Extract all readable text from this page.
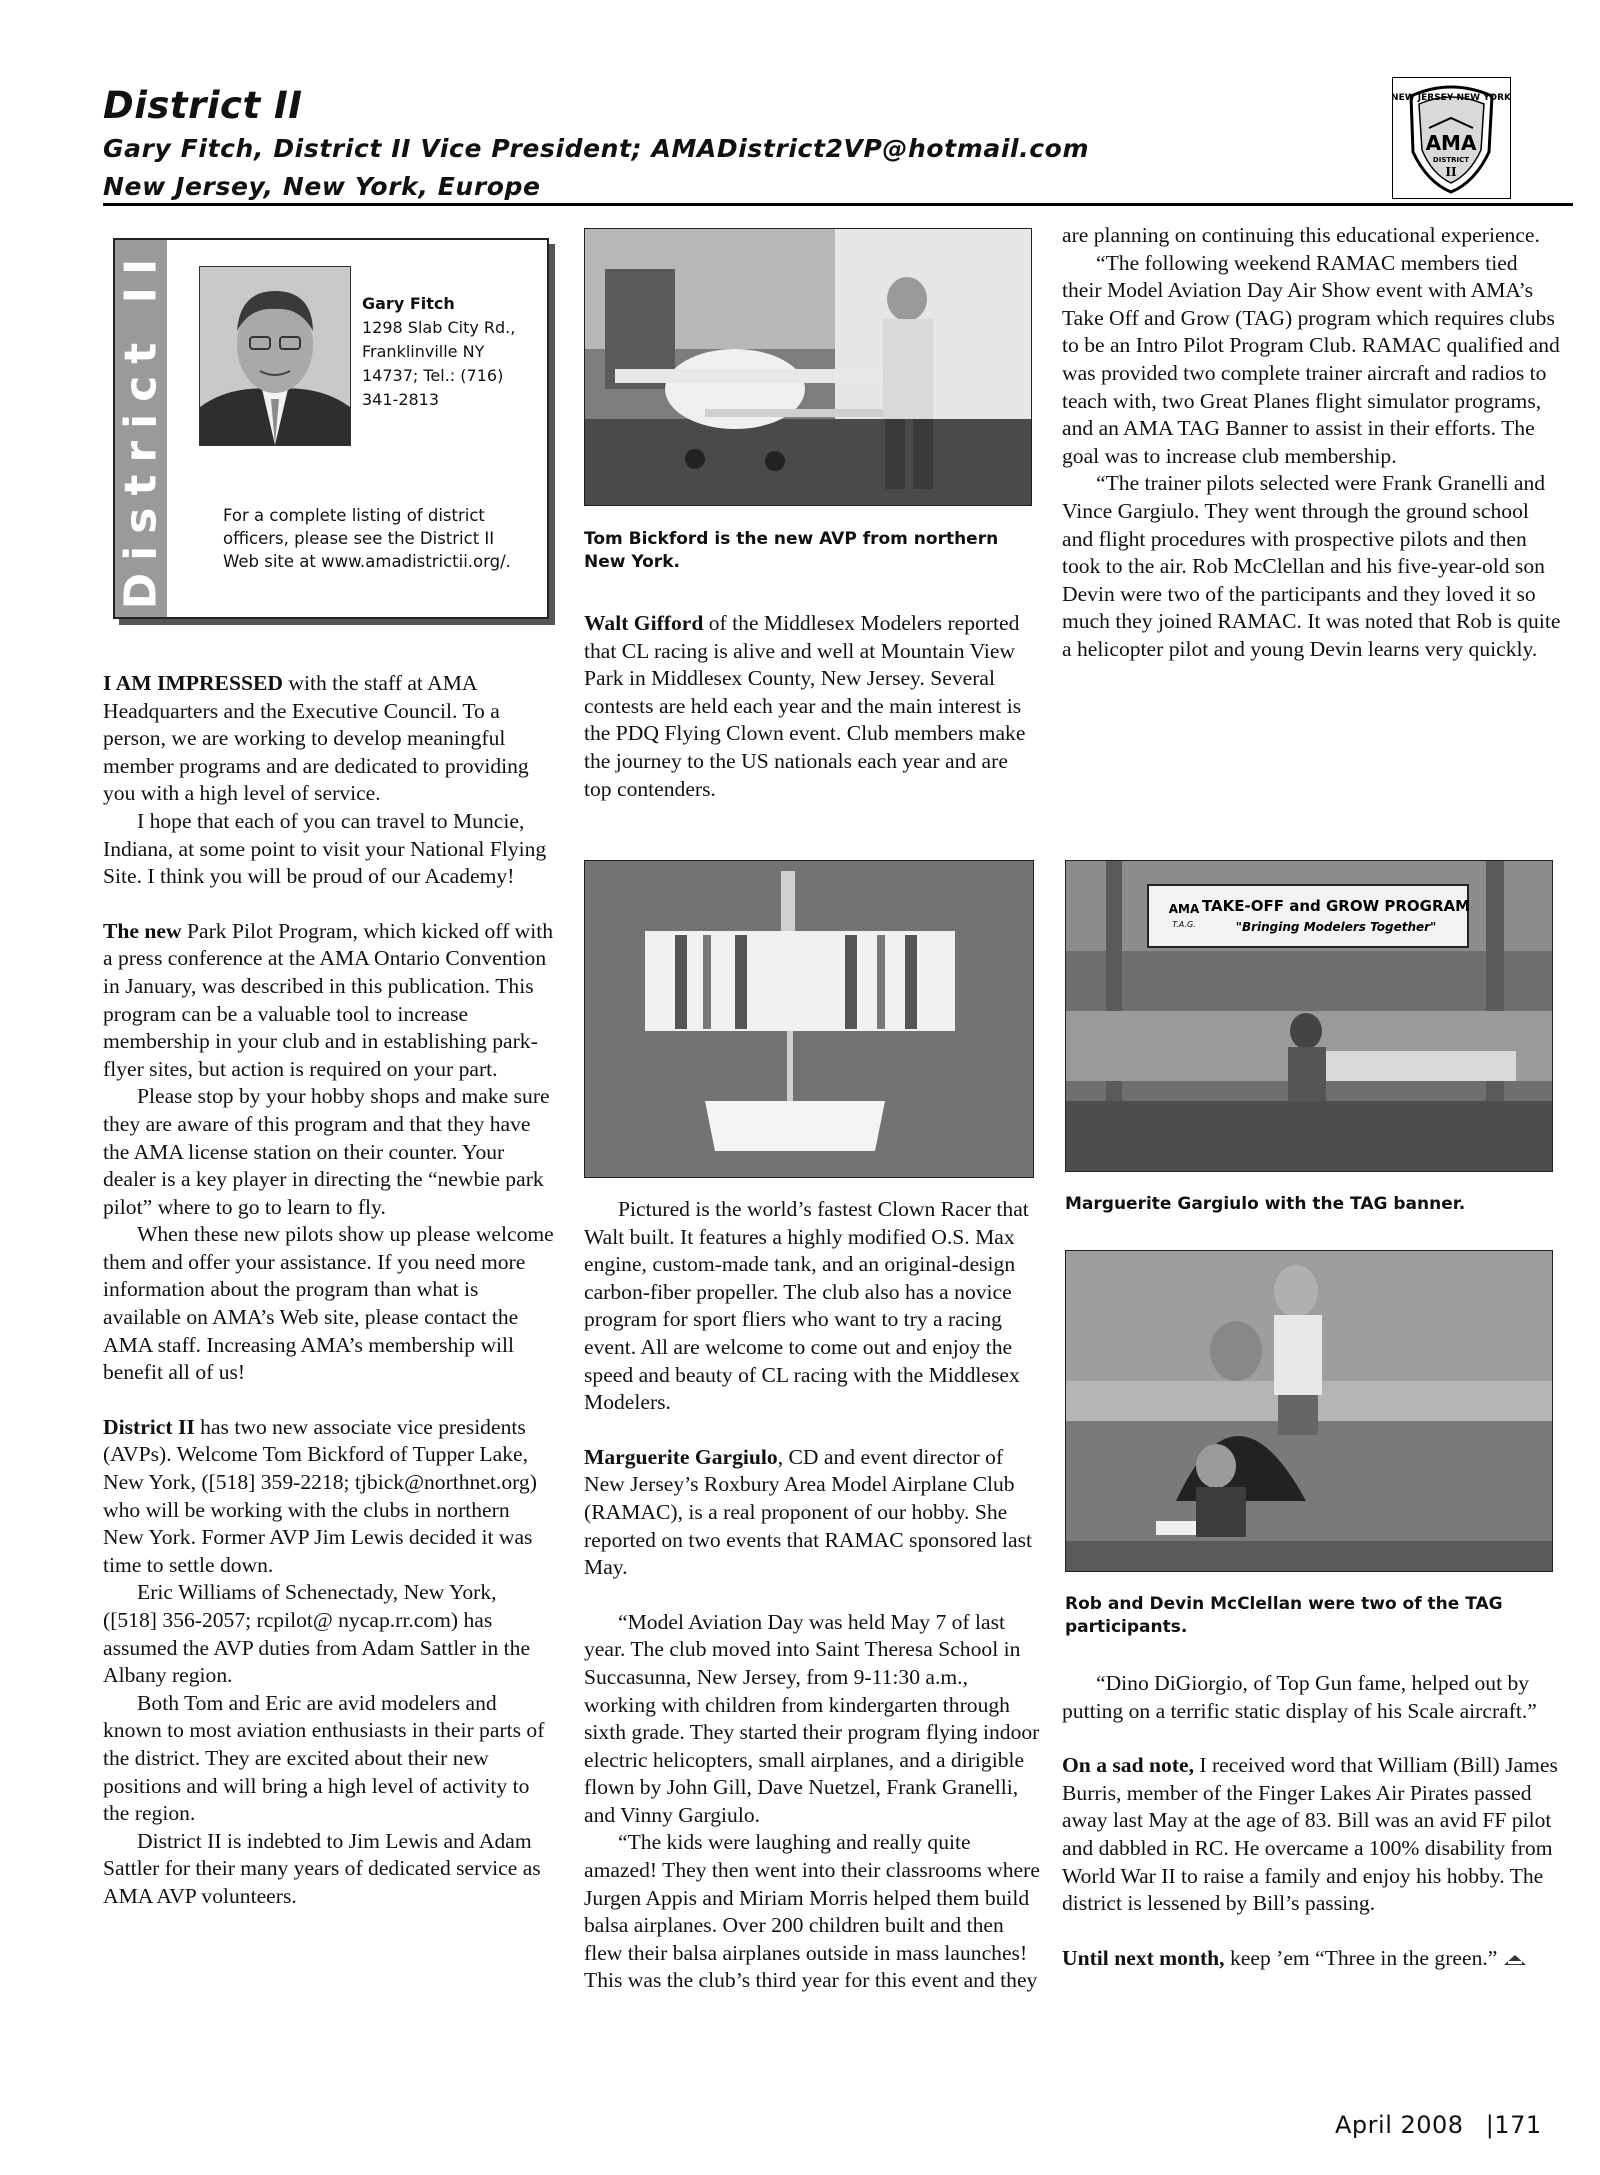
District II
Gary Fitch, District II Vice President; AMADistrict2VP@hotmail.com
New Jersey, New York, Europe
NEW JERSEY NEW YORK
AMA
DISTRICT
II
District II	Gary Fitch
1298 Slab City Rd.,
Franklinville NY
14737; Tel.: (716)
341-2813
For a complete listing of district officers, please see the District II Web site at www.amadistrictii.org/.

I AM IMPRESSED with the staff at AMA Headquarters and the Executive Council. To a person, we are working to develop meaningful member programs and are dedicated to providing you with a high level of service.

I hope that each of you can travel to Muncie, Indiana, at some point to visit your National Flying Site. I think you will be proud of our Academy!

The new Park Pilot Program, which kicked off with a press conference at the AMA Ontario Convention in January, was described in this publication. This program can be a valuable tool to increase membership in your club and in establishing park-flyer sites, but action is required on your part.

Please stop by your hobby shops and make sure they are aware of this program and that they have the AMA license station on their counter. Your dealer is a key player in directing the “newbie park pilot” where to go to learn to fly.

When these new pilots show up please welcome them and offer your assistance. If you need more information about the program than what is available on AMA’s Web site, please contact the AMA staff. Increasing AMA’s membership will benefit all of us!

District II has two new associate vice presidents (AVPs). Welcome Tom Bickford of Tupper Lake, New York, ([518] 359-2218; tjbick@northnet.org) who will be working with the clubs in northern New York. Former AVP Jim Lewis decided it was time to settle down.

Eric Williams of Schenectady, New York, ([518] 356-2057; rcpilot@ nycap.rr.com) has assumed the AVP duties from Adam Sattler in the Albany region.

Both Tom and Eric are avid modelers and known to most aviation enthusiasts in their parts of the district. They are excited about their new positions and will bring a high level of activity to the region.

District II is indebted to Jim Lewis and Adam Sattler for their many years of dedicated service as AMA AVP volunteers.

Tom Bickford is the new AVP from northern New York.

Walt Gifford of the Middlesex Modelers reported that CL racing is alive and well at Mountain View Park in Middlesex County, New Jersey. Several contests are held each year and the main interest is the PDQ Flying Clown event. Club members make the journey to the US nationals each year and are top contenders.

Pictured is the world’s fastest Clown Racer that Walt built. It features a highly modified O.S. Max engine, custom-made tank, and an original-design carbon-fiber propeller. The club also has a novice program for sport fliers who want to try a racing event. All are welcome to come out and enjoy the speed and beauty of CL racing with the Middlesex Modelers.

Marguerite Gargiulo, CD and event director of New Jersey’s Roxbury Area Model Airplane Club (RAMAC), is a real proponent of our hobby. She reported on two events that RAMAC sponsored last May.

“Model Aviation Day was held May 7 of last year. The club moved into Saint Theresa School in Succasunna, New Jersey, from 9-11:30 a.m., working with children from kindergarten through sixth grade. They started their program flying indoor electric helicopters, small airplanes, and a dirigible flown by John Gill, Dave Nuetzel, Frank Granelli, and Vinny Gargiulo.

“The kids were laughing and really quite amazed! They then went into their classrooms where Jurgen Appis and Miriam Morris helped them build balsa airplanes. Over 200 children built and then flew their balsa airplanes outside in mass launches! This was the club’s third year for this event and they

are planning on continuing this educational experience.

“The following weekend RAMAC members tied their Model Aviation Day Air Show event with AMA’s Take Off and Grow (TAG) program which requires clubs to be an Intro Pilot Program Club. RAMAC qualified and was provided two complete trainer aircraft and radios to teach with, two Great Planes flight simulator programs, and an AMA TAG Banner to assist in their efforts. The goal was to increase club membership.

“The trainer pilots selected were Frank Granelli and Vince Gargiulo. They went through the ground school and flight procedures with prospective pilots and then took to the air. Rob McClellan and his five-year-old son Devin were two of the participants and they loved it so much they joined RAMAC. It was noted that Rob is quite a helicopter pilot and young Devin learns very quickly.

AMA
T.A.G.
TAKE-OFF and GROW PROGRAM
"Bringing Modelers Together"
Marguerite Gargiulo with the TAG banner.
Rob and Devin McClellan were two of the TAG participants.

“Dino DiGiorgio, of Top Gun fame, helped out by putting on a terrific static display of his Scale aircraft.”

On a sad note, I received word that William (Bill) James Burris, member of the Finger Lakes Air Pirates passed away last May at the age of 83. Bill was an avid FF pilot and dabbled in RC. He overcame a 100% disability from World War II to raise a family and enjoy his hobby. The district is lessened by Bill’s passing.

Until next month, keep ’em “Three in the green.”

April 2008 |171
